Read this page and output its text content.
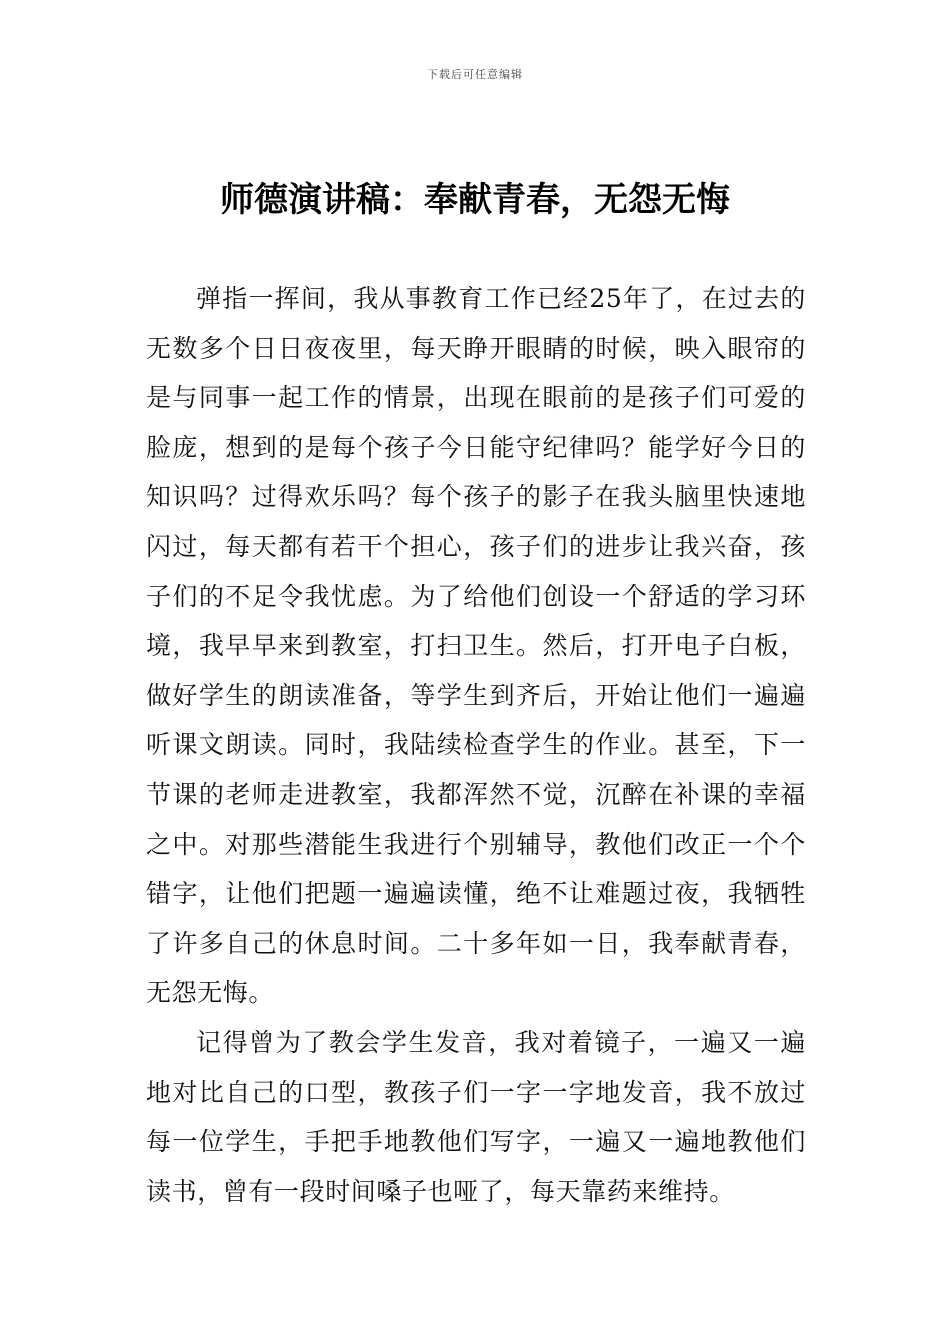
下载后可任意编辑
师德演讲稿：奉献青春，无怨无悔

弹指一挥间，我从事教育工作已经25年了，在过去的无数多个日日夜夜里，每天睁开眼睛的时候，映入眼帘的是与同事一起工作的情景，出现在眼前的是孩子们可爱的脸庞，想到的是每个孩子今日能守纪律吗？能学好今日的知识吗？过得欢乐吗？每个孩子的影子在我头脑里快速地闪过，每天都有若干个担心，孩子们的进步让我兴奋，孩子们的不足令我忧虑。为了给他们创设一个舒适的学习环境，我早早来到教室，打扫卫生。然后，打开电子白板，做好学生的朗读准备，等学生到齐后，开始让他们一遍遍听课文朗读。同时，我陆续检查学生的作业。甚至，下一节课的老师走进教室，我都浑然不觉，沉醉在补课的幸福之中。对那些潜能生我进行个别辅导，教他们改正一个个错字，让他们把题一遍遍读懂，绝不让难题过夜，我牺牲了许多自己的休息时间。二十多年如一日，我奉献青春，无怨无悔。

记得曾为了教会学生发音，我对着镜子，一遍又一遍地对比自己的口型，教孩子们一字一字地发音，我不放过每一位学生，手把手地教他们写字，一遍又一遍地教他们读书，曾有一段时间嗓子也哑了，每天靠药来维持。
